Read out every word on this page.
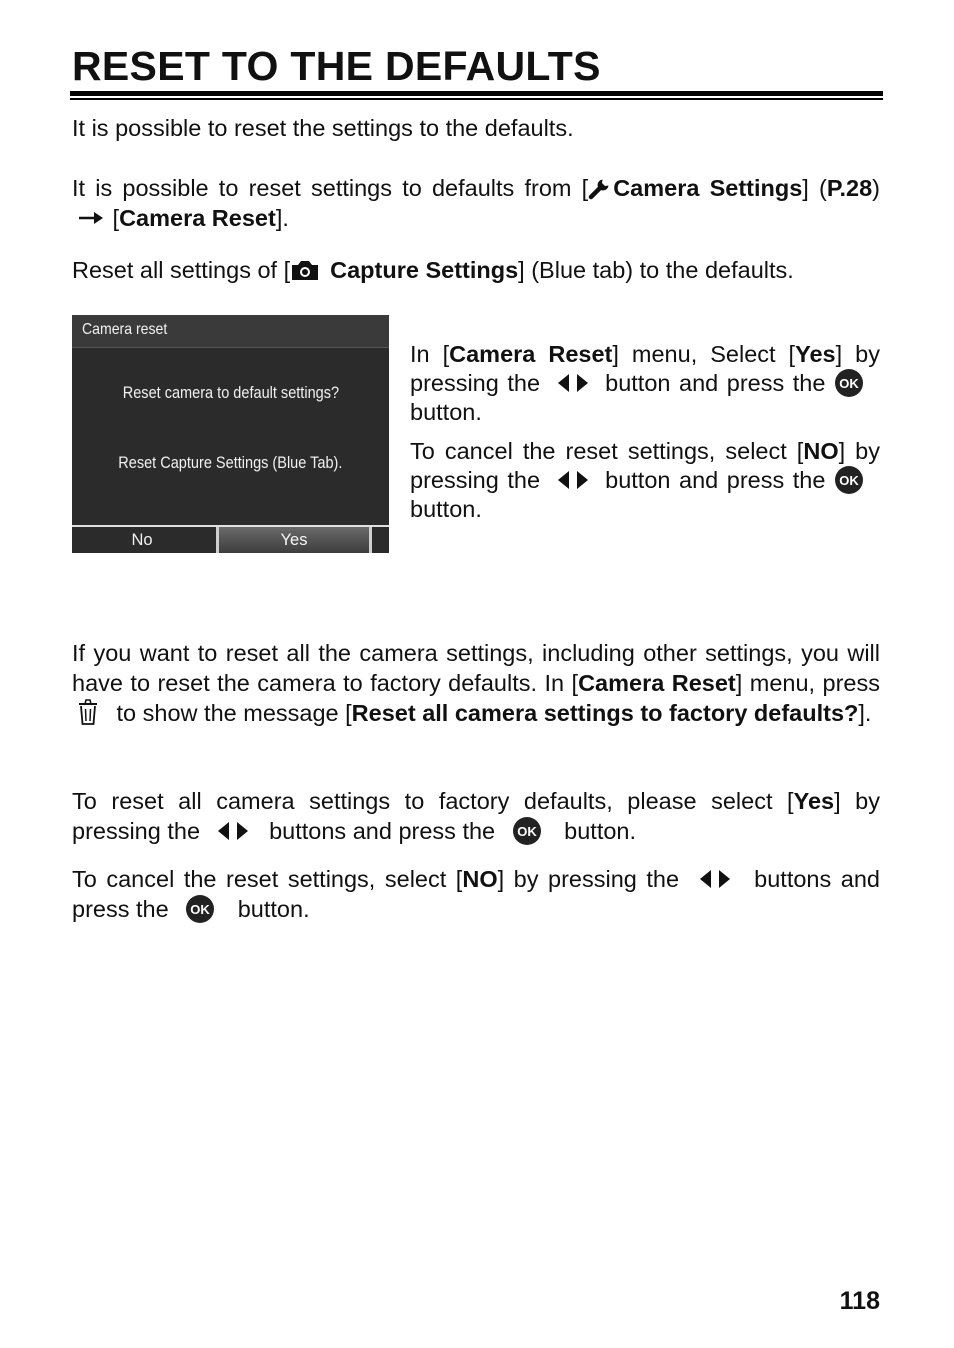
RESET TO THE DEFAULTS

It is possible to reset the settings to the defaults.

It is possible to reset settings to defaults from [ Camera Settings] (P.28)  [Camera Reset].

Reset all settings of [ Capture Settings] (Blue tab) to the defaults.

Camera reset
Reset camera to default settings?
Reset Capture Settings (Blue Tab).
No	Yes

In [Camera Reset] menu, Select [Yes] by pressing the  button and press the OK
button.

To cancel the reset settings, select [NO] by pressing the  button and press the OK
button.

If you want to reset all the camera settings, including other settings, you will have to reset the camera to factory defaults. In [Camera Reset] menu, press  to show the message [Reset all camera settings to factory defaults?].

To reset all camera settings to factory defaults, please select [Yes] by pressing the  buttons and press the OK button.

To cancel the reset settings, select [NO] by pressing the  buttons and press the OK button.

118
